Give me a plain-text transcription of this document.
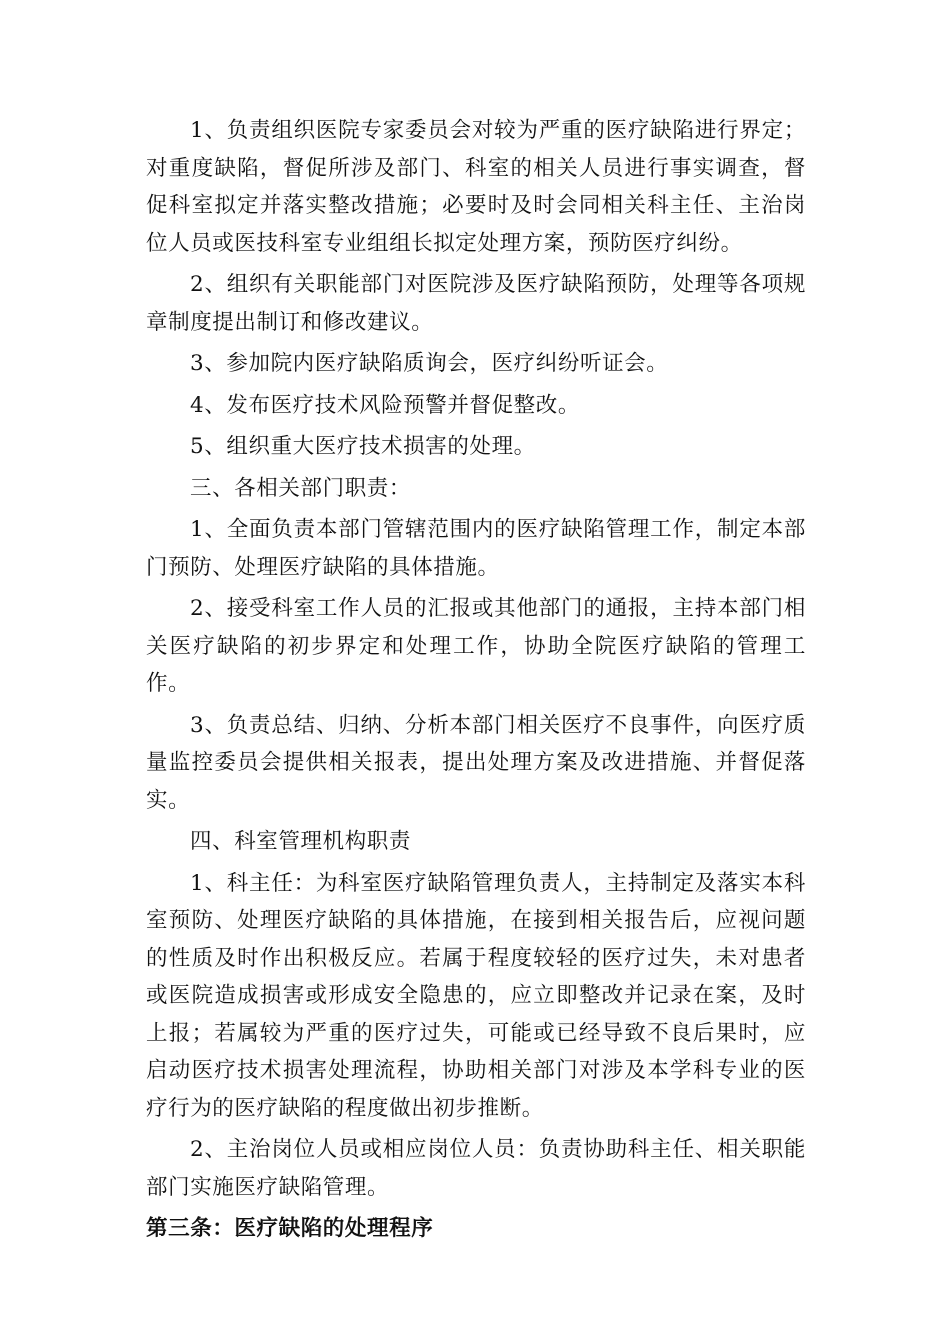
1、负责组织医院专家委员会对较为严重的医疗缺陷进行界定；对重度缺陷，督促所涉及部门、科室的相关人员进行事实调查，督促科室拟定并落实整改措施；必要时及时会同相关科主任、主治岗位人员或医技科室专业组组长拟定处理方案，预防医疗纠纷。

2、组织有关职能部门对医院涉及医疗缺陷预防，处理等各项规章制度提出制订和修改建议。

3、参加院内医疗缺陷质询会，医疗纠纷听证会。

4、发布医疗技术风险预警并督促整改。

5、组织重大医疗技术损害的处理。

三、各相关部门职责：

1、全面负责本部门管辖范围内的医疗缺陷管理工作，制定本部门预防、处理医疗缺陷的具体措施。

2、接受科室工作人员的汇报或其他部门的通报，主持本部门相关医疗缺陷的初步界定和处理工作，协助全院医疗缺陷的管理工作。

3、负责总结、归纳、分析本部门相关医疗不良事件，向医疗质量监控委员会提供相关报表，提出处理方案及改进措施、并督促落实。

四、科室管理机构职责

1、科主任：为科室医疗缺陷管理负责人，主持制定及落实本科室预防、处理医疗缺陷的具体措施，在接到相关报告后，应视问题的性质及时作出积极反应。若属于程度较轻的医疗过失，未对患者或医院造成损害或形成安全隐患的，应立即整改并记录在案，及时上报；若属较为严重的医疗过失，可能或已经导致不良后果时，应启动医疗技术损害处理流程，协助相关部门对涉及本学科专业的医疗行为的医疗缺陷的程度做出初步推断。

2、主治岗位人员或相应岗位人员：负责协助科主任、相关职能部门实施医疗缺陷管理。

第三条：医疗缺陷的处理程序
